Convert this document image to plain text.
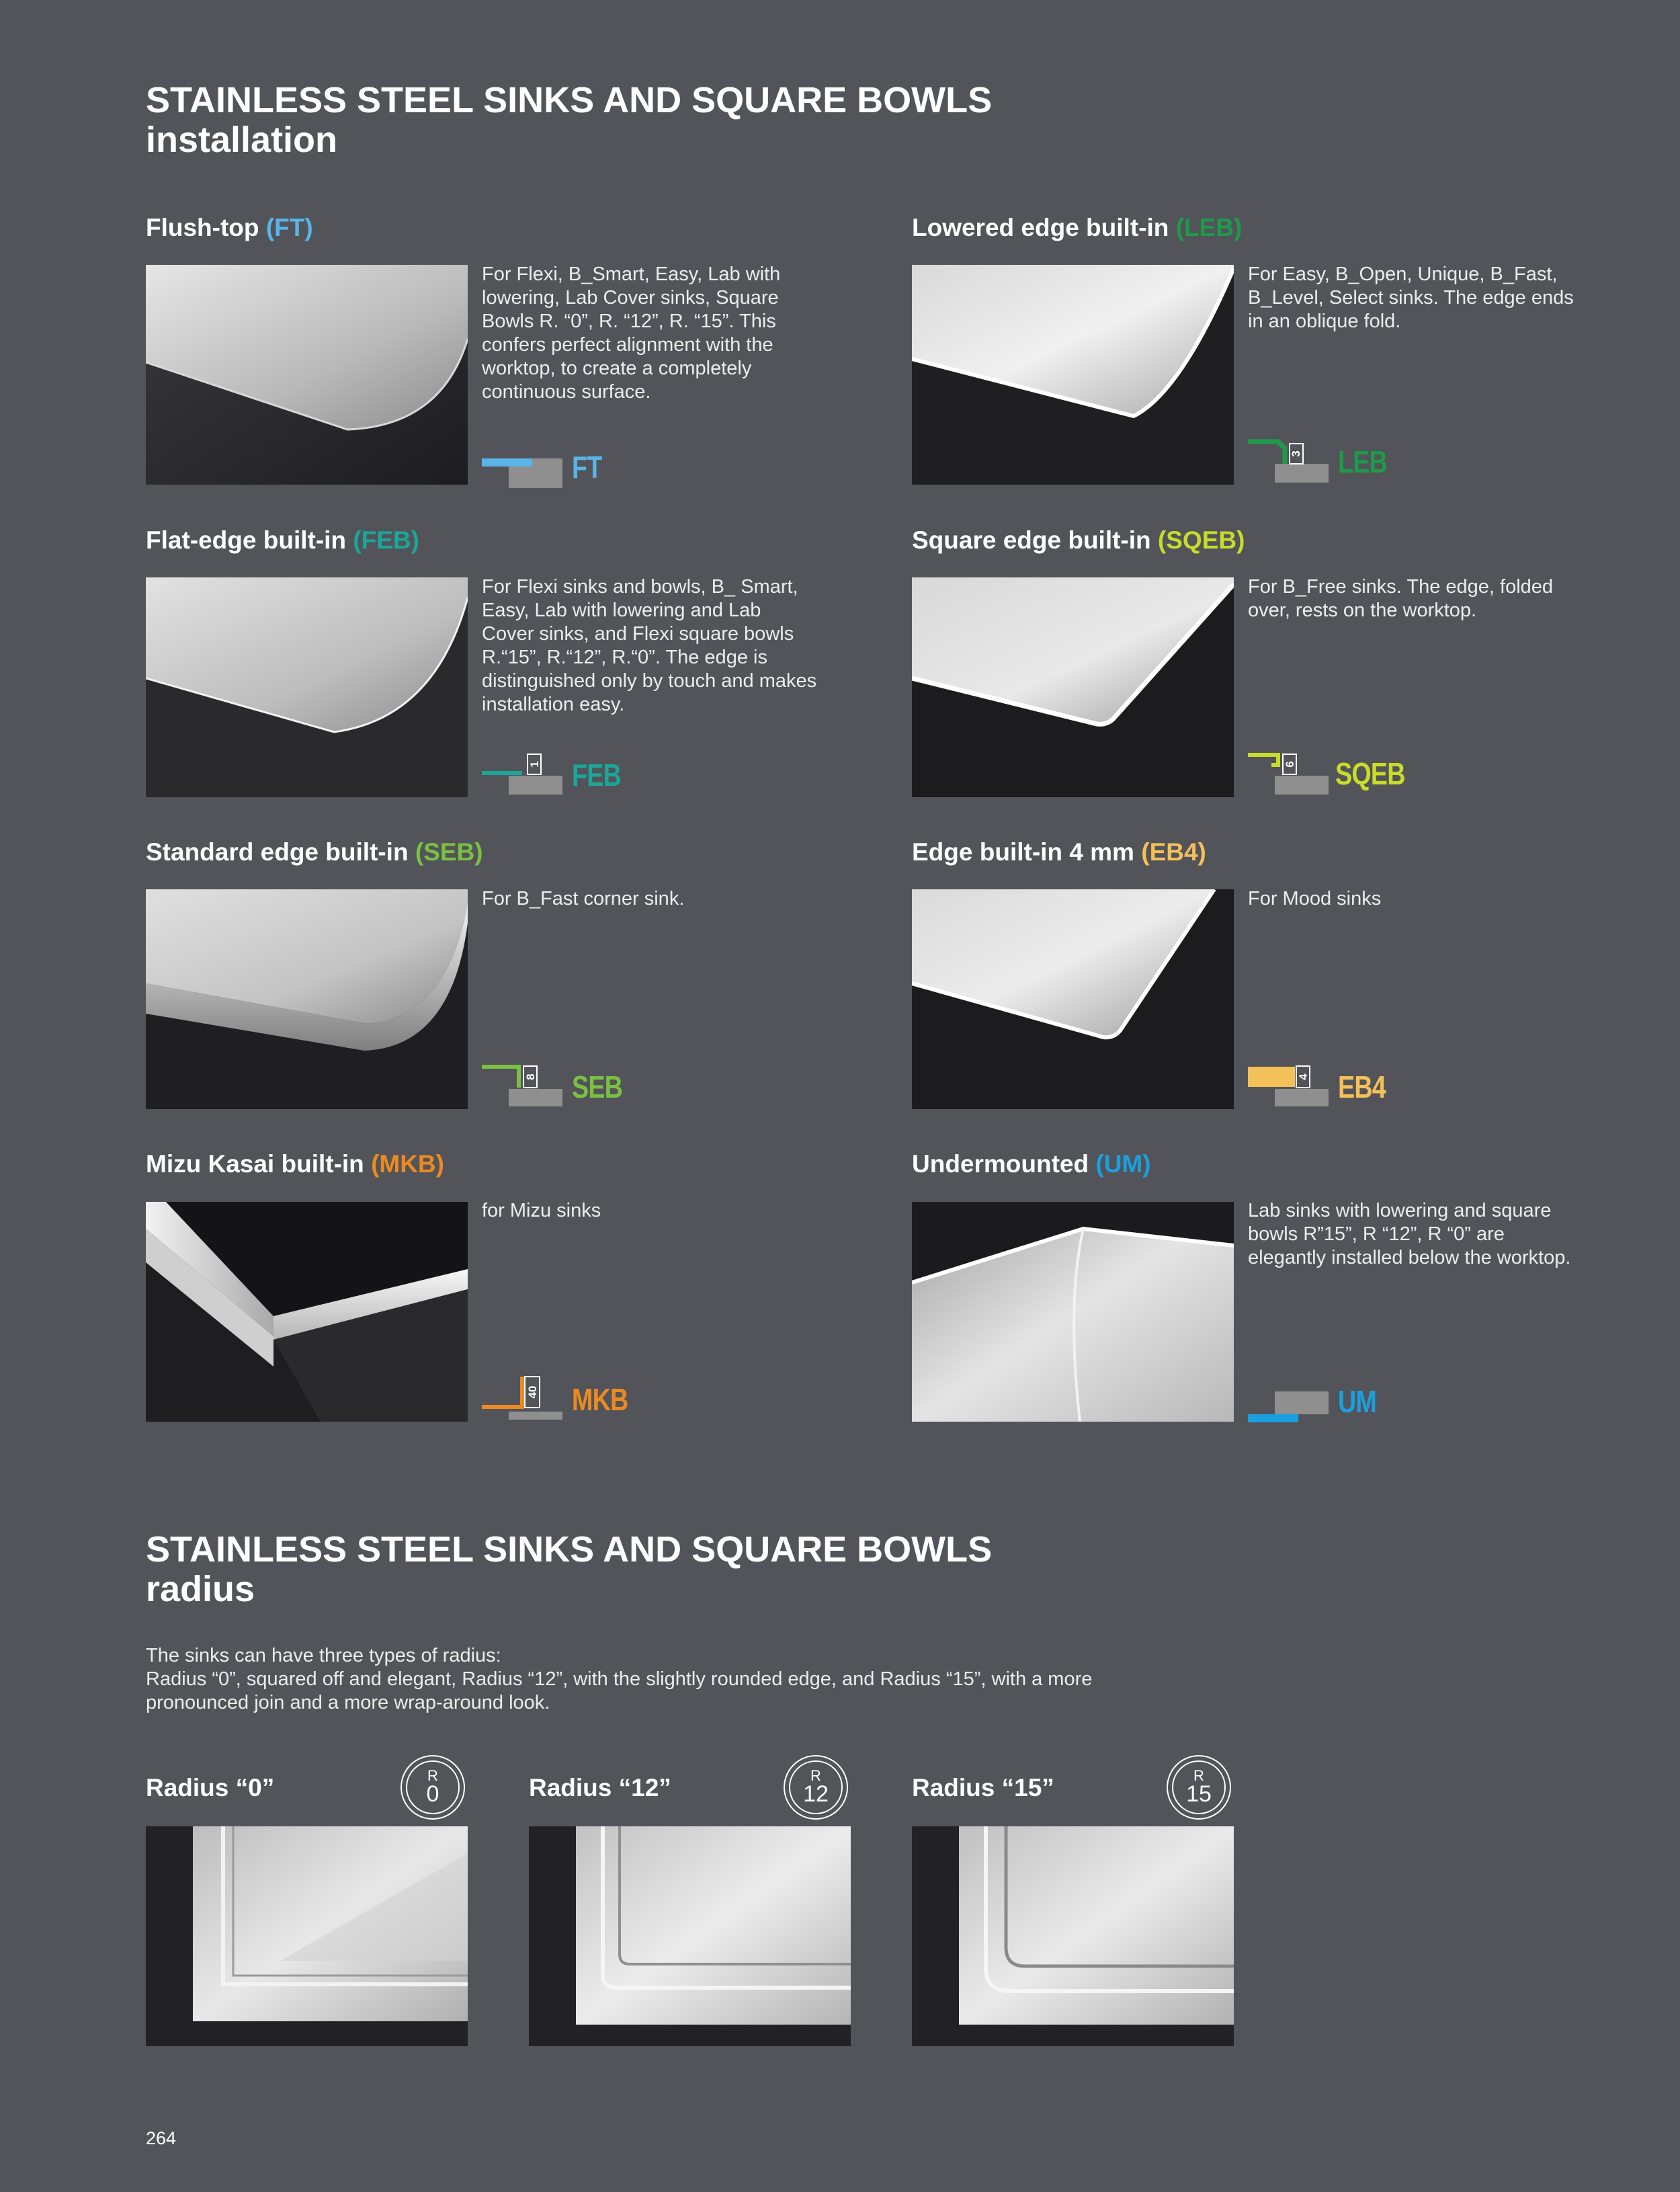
STAINLESS STEEL SINKS AND SQUARE BOWLS
installation
Flush-top (FT)

For Flexi, B_Smart, Easy, Lab with lowering, Lab Cover sinks, Square Bowls R. “0”, R. “12”, R. “15”. This confers perfect alignment with the worktop, to create a completely continuous surface.

FT
Lowered edge built-in (LEB)

For Easy, B_Open, Unique, B_Fast, B_Level, Select sinks. The edge ends in an oblique fold.

3 LEB
Flat-edge built-in (FEB)

For Flexi sinks and bowls, B_ Smart, Easy, Lab with lowering and Lab Cover sinks, and Flexi square bowls R.“15”, R.“12”, R.“0”. The edge is distinguished only by touch and makes installation easy.

1 FEB
Square edge built-in (SQEB)

For B_Free sinks. The edge, folded over, rests on the worktop.

6 SQEB
Standard edge built-in (SEB)

For B_Fast corner sink.

8 SEB
Edge built-in 4 mm (EB4)

For Mood sinks

4 EB4
Mizu Kasai built-in (MKB)

for Mizu sinks

40 MKB
Undermounted (UM)

Lab sinks with lowering and square bowls R”15”, R “12”, R “0” are elegantly installed below the worktop.

UM
STAINLESS STEEL SINKS AND SQUARE BOWLS
radius

The sinks can have three types of radius:
Radius “0”, squared off and elegant, Radius “12”, with the slightly rounded edge, and Radius “15”, with a more pronounced join and a more wrap-around look.

Radius “0”	R
0	Radius “12”	R
12	Radius “15”	R
15

264
